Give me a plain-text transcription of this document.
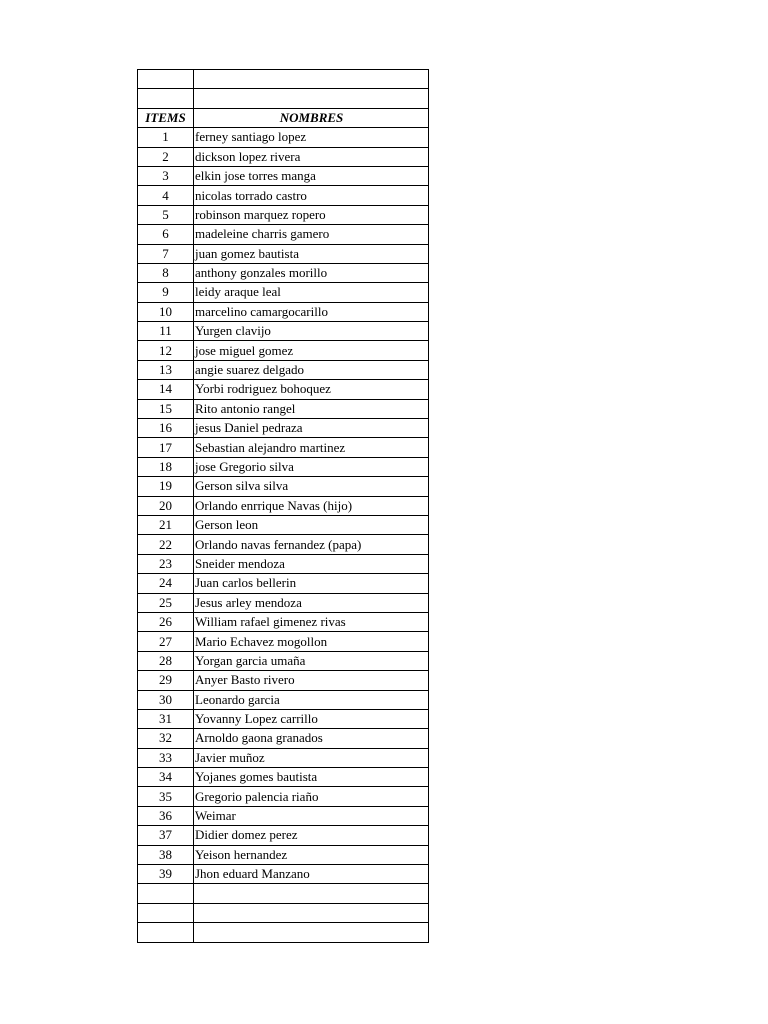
ITEMS	NOMBRES
1	ferney santiago lopez
2	dickson lopez rivera
3	elkin jose torres manga
4	nicolas torrado castro
5	robinson marquez ropero
6	madeleine charris gamero
7	juan gomez bautista
8	anthony gonzales morillo
9	leidy araque leal
10	marcelino camargocarillo
11	Yurgen clavijo
12	jose miguel gomez
13	angie suarez delgado
14	Yorbi rodriguez bohoquez
15	Rito antonio rangel
16	jesus Daniel pedraza
17	Sebastian alejandro martinez
18	jose Gregorio silva
19	Gerson silva silva
20	Orlando enrrique Navas (hijo)
21	Gerson leon
22	Orlando navas fernandez (papa)
23	Sneider mendoza
24	Juan carlos bellerin
25	Jesus arley mendoza
26	William rafael gimenez rivas
27	Mario Echavez mogollon
28	Yorgan garcia umaña
29	Anyer Basto rivero
30	Leonardo garcia
31	Yovanny Lopez carrillo
32	Arnoldo gaona granados
33	Javier muñoz
34	Yojanes gomes bautista
35	Gregorio palencia riaño
36	Weimar
37	Didier domez perez
38	Yeison hernandez
39	Jhon eduard Manzano
